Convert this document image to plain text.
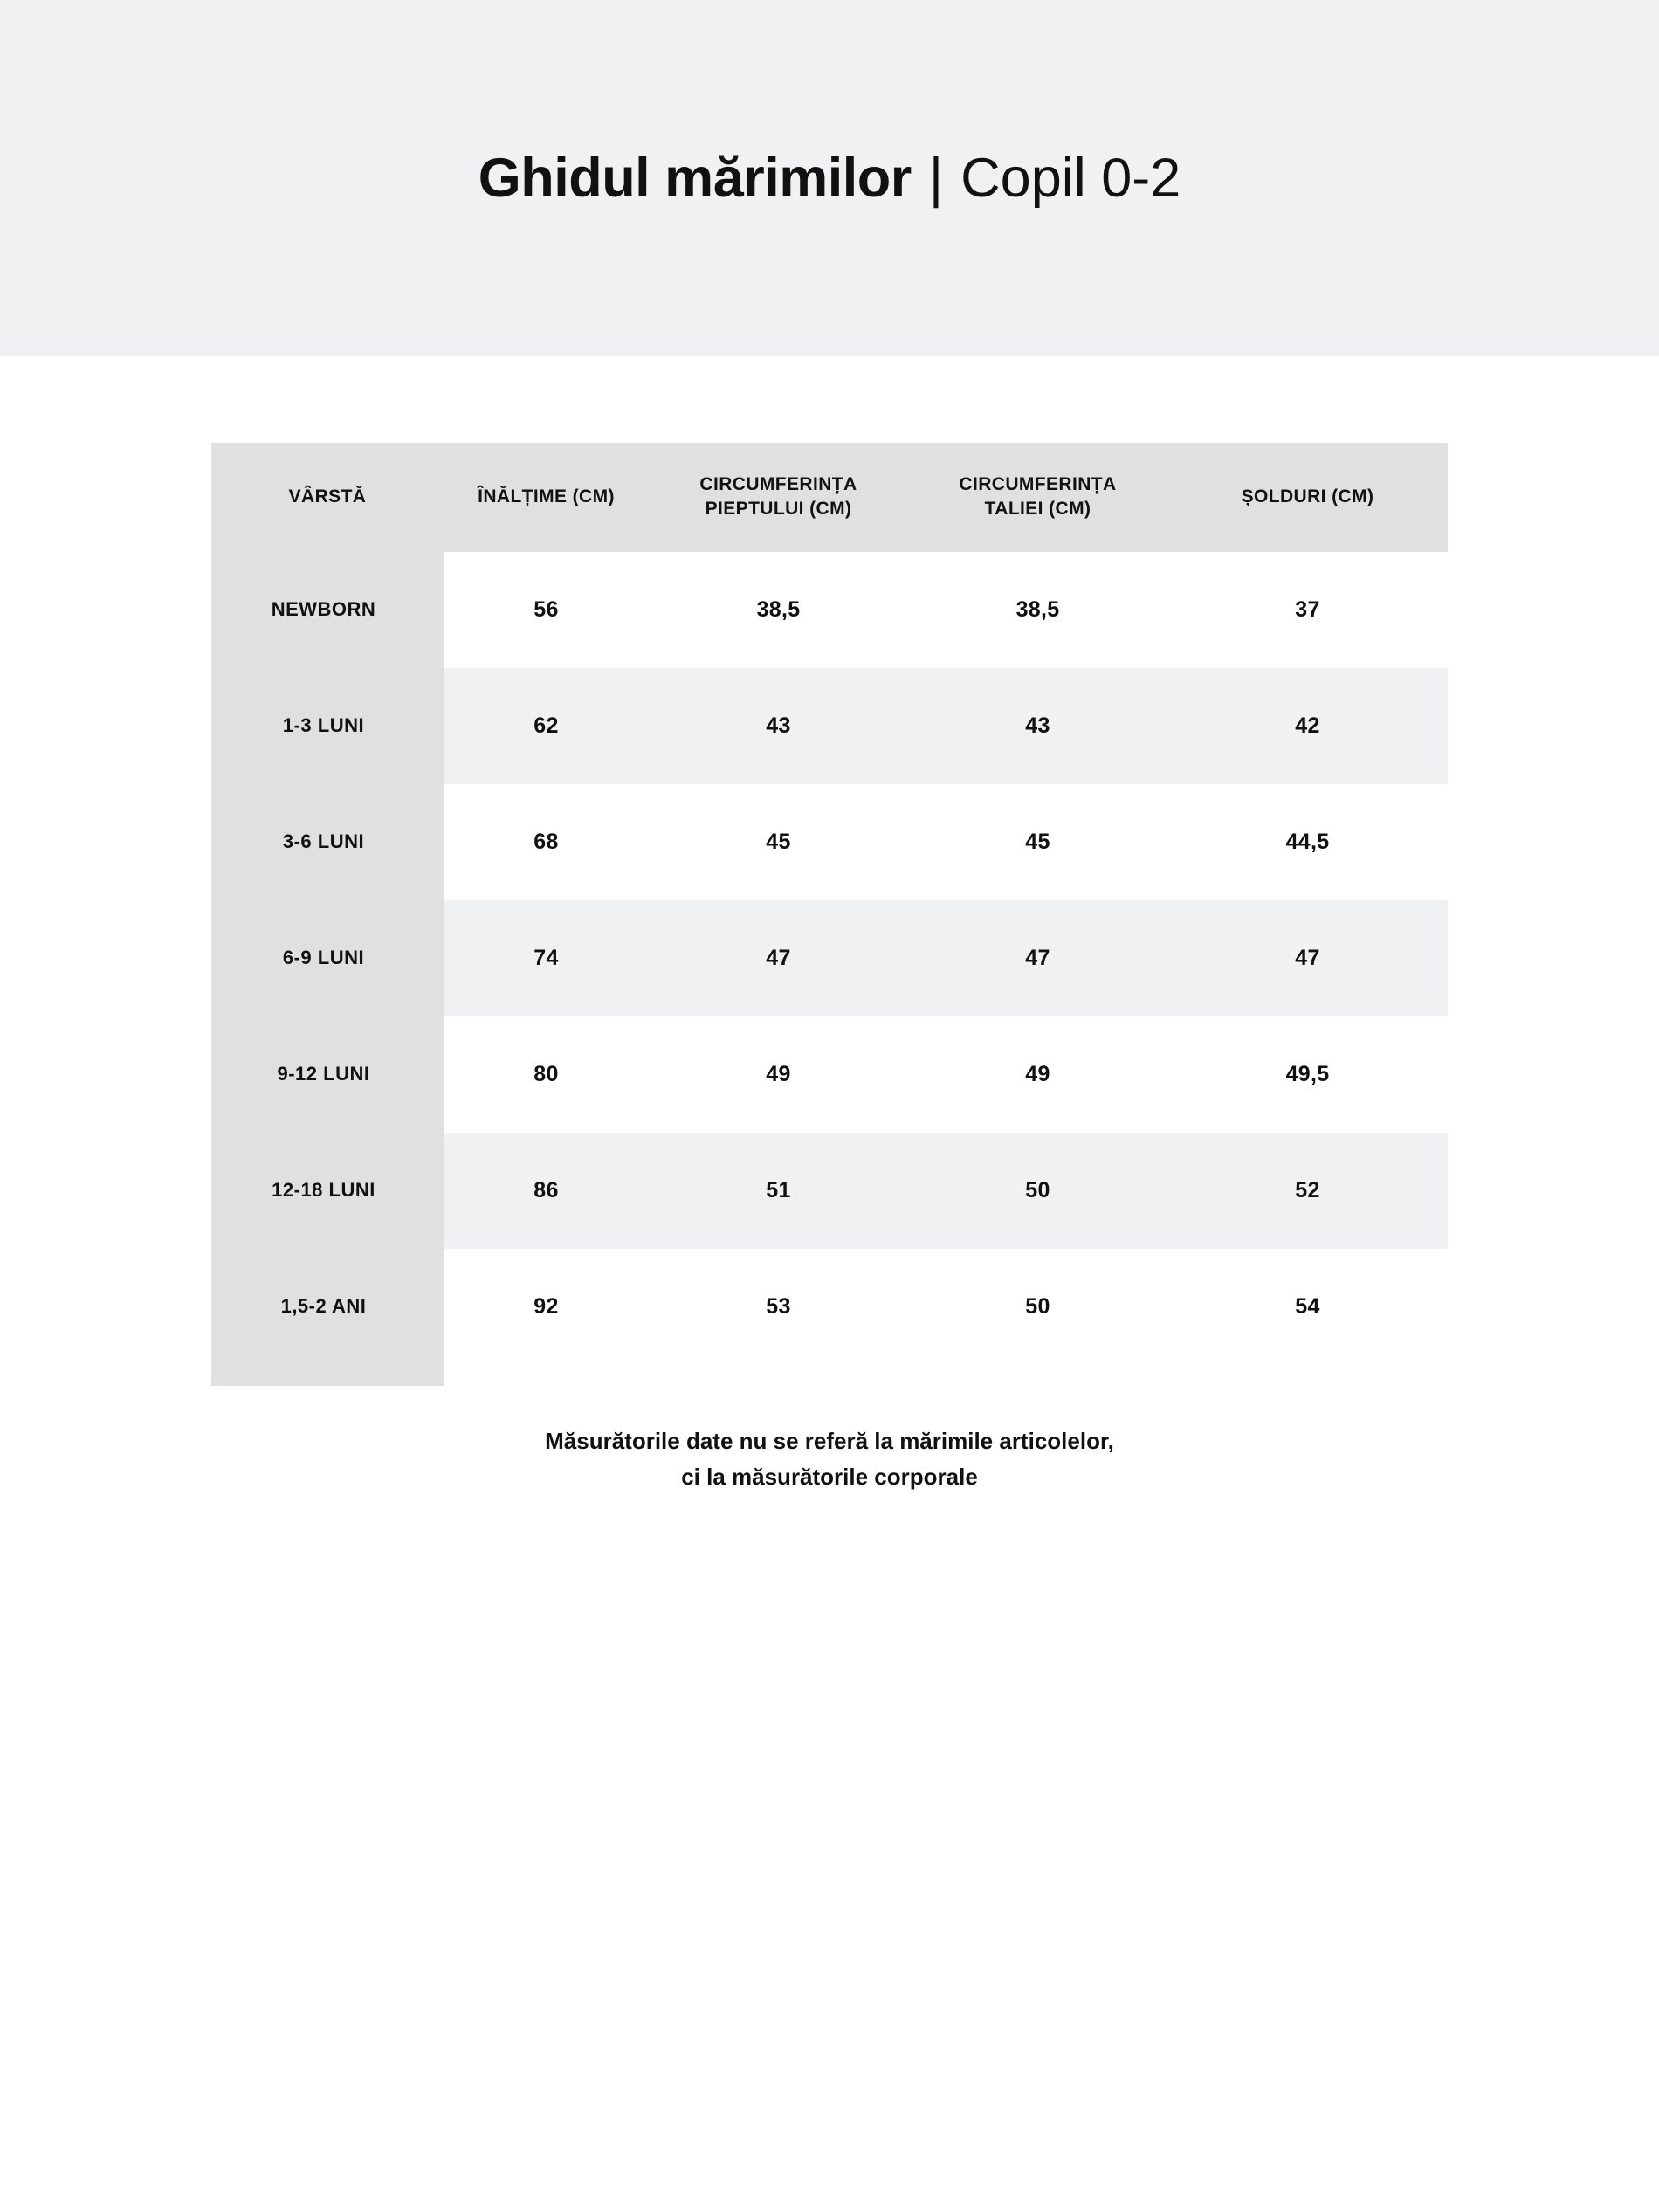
Ghidul mărimilor | Copil 0-2
VÂRSTĂ	ÎNĂLȚIME (CM)	CIRCUMFERINȚA
PIEPTULUI (CM)	CIRCUMFERINȚA
TALIEI (CM)	ȘOLDURI (CM)
NEWBORN	56	38,5	38,5	37
1-3 LUNI	62	43	43	42
3-6 LUNI	68	45	45	44,5
6-9 LUNI	74	47	47	47
9-12 LUNI	80	49	49	49,5
12-18 LUNI	86	51	50	52
1,5-2 ANI	92	53	50	54
Măsurătorile date nu se referă la mărimile articolelor,
ci la măsurătorile corporale
